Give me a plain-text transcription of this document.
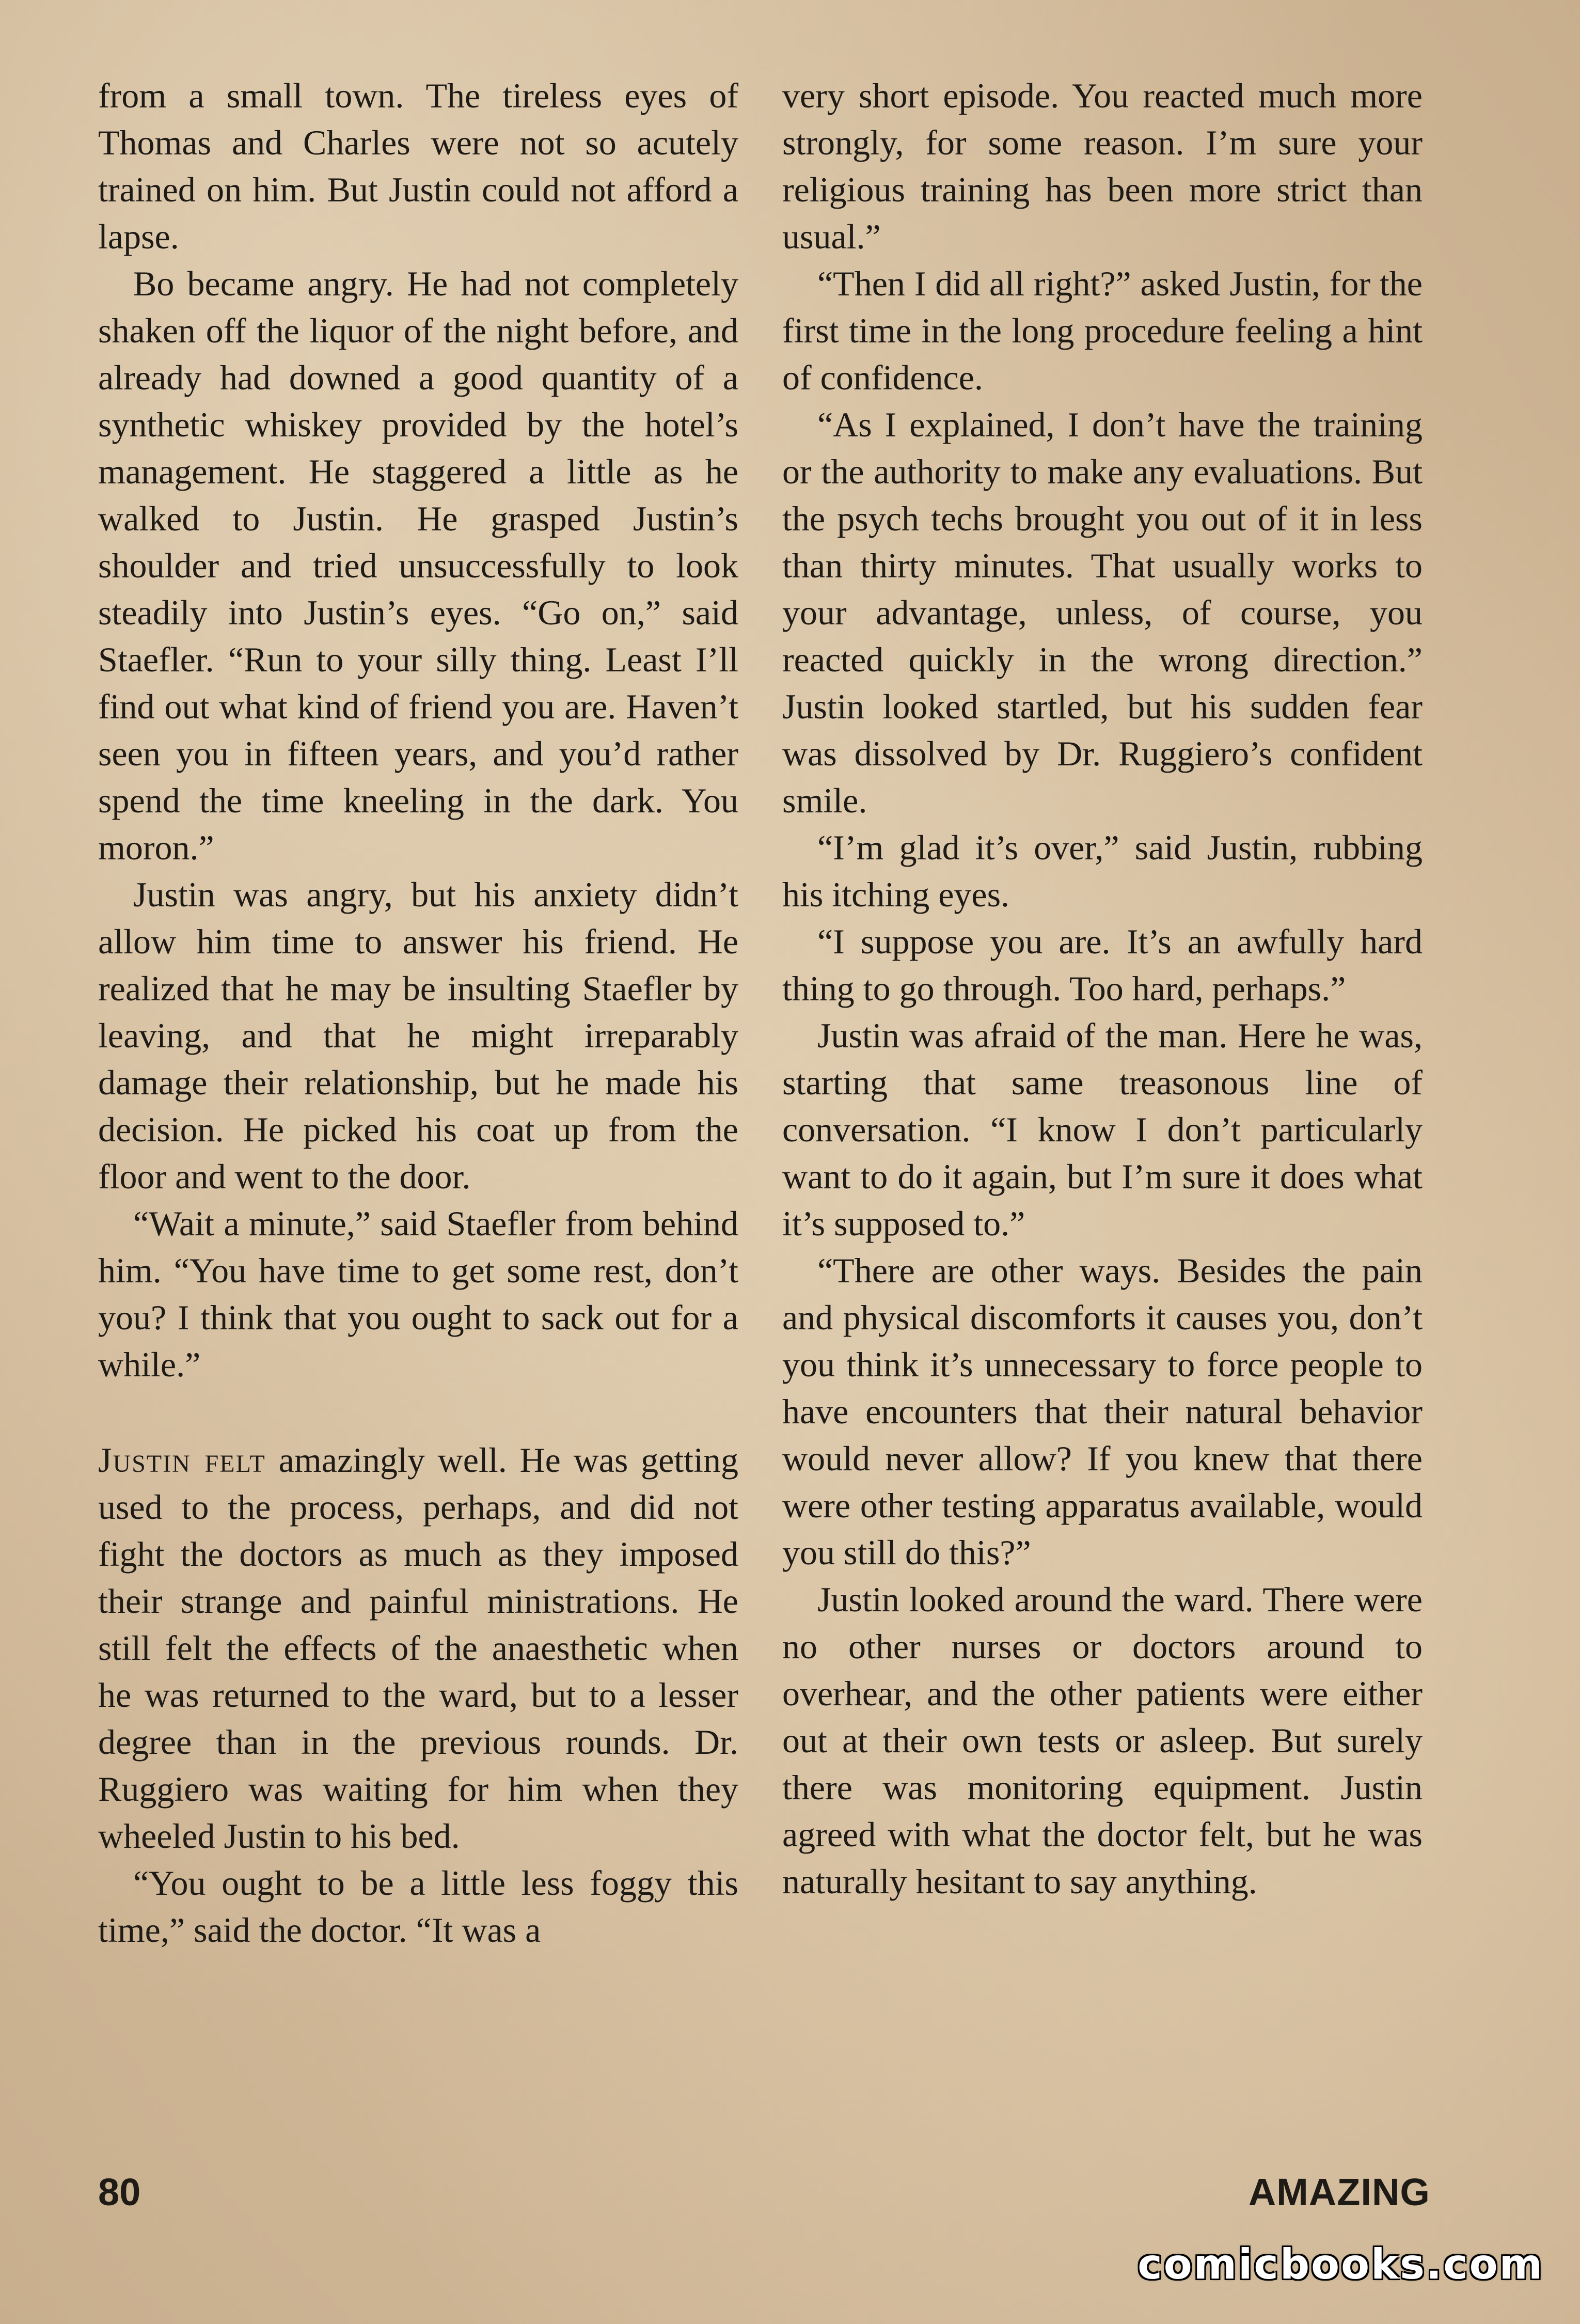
from a small town. The tireless eyes of Thomas and Charles were not so acutely trained on him. But Justin could not afford a lapse.

Bo became angry. He had not completely shaken off the liquor of the night before, and already had downed a good quantity of a synthetic whiskey provided by the hotel’s management. He staggered a little as he walked to Justin. He grasped Justin’s shoulder and tried unsuccessfully to look steadily into Justin’s eyes. “Go on,” said Staefler. “Run to your silly thing. Least I’ll find out what kind of friend you are. Haven’t seen you in fifteen years, and you’d rather spend the time kneeling in the dark. You moron.”

Justin was angry, but his anxiety didn’t allow him time to answer his friend. He realized that he may be insulting Staefler by leaving, and that he might irreparably damage their relationship, but he made his decision. He picked his coat up from the floor and went to the door.

“Wait a minute,” said Staefler from behind him. “You have time to get some rest, don’t you? I think that you ought to sack out for a while.”

Justin felt amazingly well. He was getting used to the process, perhaps, and did not fight the doctors as much as they imposed their strange and painful ministrations. He still felt the effects of the anaesthetic when he was returned to the ward, but to a lesser degree than in the previous rounds. Dr. Ruggiero was waiting for him when they wheeled Justin to his bed.

“You ought to be a little less foggy this time,” said the doctor. “It was a

very short episode. You reacted much more strongly, for some reason. I’m sure your religious training has been more strict than usual.”

“Then I did all right?” asked Justin, for the first time in the long procedure feeling a hint of confidence.

“As I explained, I don’t have the training or the authority to make any evaluations. But the psych techs brought you out of it in less than thirty minutes. That usually works to your advantage, unless, of course, you reacted quickly in the wrong direction.” Justin looked startled, but his sudden fear was dissolved by Dr. Ruggiero’s confident smile.

“I’m glad it’s over,” said Justin, rubbing his itching eyes.

“I suppose you are. It’s an awfully hard thing to go through. Too hard, perhaps.”

Justin was afraid of the man. Here he was, starting that same treasonous line of conversation. “I know I don’t particularly want to do it again, but I’m sure it does what it’s supposed to.”

“There are other ways. Besides the pain and physical discomforts it causes you, don’t you think it’s unnecessary to force people to have encounters that their natural behavior would never allow? If you knew that there were other testing apparatus available, would you still do this?”

Justin looked around the ward. There were no other nurses or doctors around to overhear, and the other patients were either out at their own tests or asleep. But surely there was monitoring equipment. Justin agreed with what the doctor felt, but he was naturally hesitant to say anything.

80	AMAZING
comicbooks.com
